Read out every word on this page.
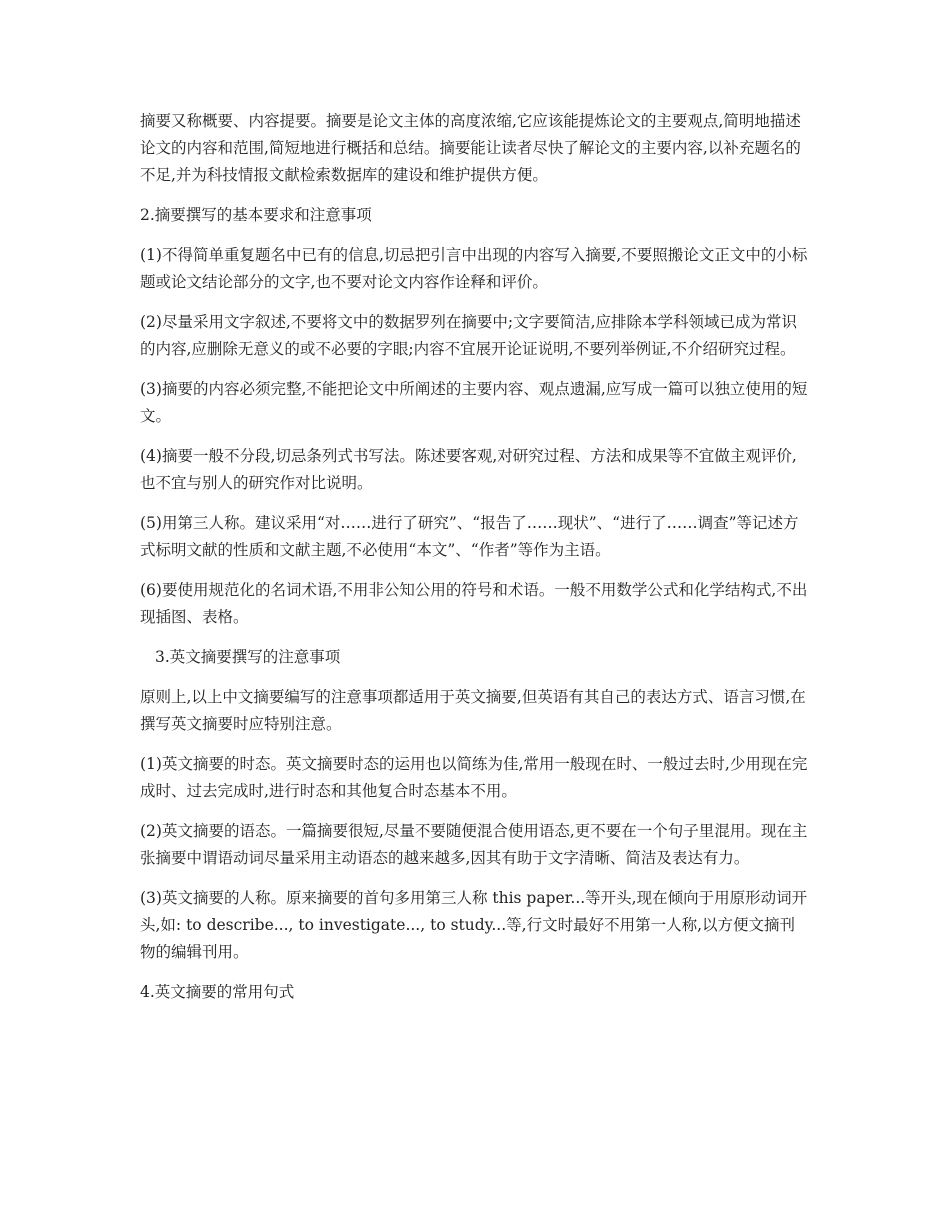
摘要又称概要、内容提要。摘要是论文主体的高度浓缩,它应该能提炼论文的主要观点,简明地描述论文的内容和范围,简短地进行概括和总结。摘要能让读者尽快了解论文的主要内容,以补充题名的不足,并为科技情报文献检索数据库的建设和维护提供方便。

2.摘要撰写的基本要求和注意事项

(1)不得简单重复题名中已有的信息,切忌把引言中出现的内容写入摘要,不要照搬论文正文中的小标题或论文结论部分的文字,也不要对论文内容作诠释和评价。

(2)尽量采用文字叙述,不要将文中的数据罗列在摘要中;文字要简洁,应排除本学科领域已成为常识的内容,应删除无意义的或不必要的字眼;内容不宜展开论证说明,不要列举例证,不介绍研究过程。

(3)摘要的内容必须完整,不能把论文中所阐述的主要内容、观点遗漏,应写成一篇可以独立使用的短文。

(4)摘要一般不分段,切忌条列式书写法。陈述要客观,对研究过程、方法和成果等不宜做主观评价,也不宜与别人的研究作对比说明。

(5)用第三人称。建议采用“对……进行了研究”、“报告了……现状”、“进行了……调查”等记述方式标明文献的性质和文献主题,不必使用“本文”、“作者”等作为主语。

(6)要使用规范化的名词术语,不用非公知公用的符号和术语。一般不用数学公式和化学结构式,不出现插图、表格。

3.英文摘要撰写的注意事项

原则上,以上中文摘要编写的注意事项都适用于英文摘要,但英语有其自己的表达方式、语言习惯,在撰写英文摘要时应特别注意。

(1)英文摘要的时态。英文摘要时态的运用也以简练为佳,常用一般现在时、一般过去时,少用现在完成时、过去完成时,进行时态和其他复合时态基本不用。

(2)英文摘要的语态。一篇摘要很短,尽量不要随便混合使用语态,更不要在一个句子里混用。现在主张摘要中谓语动词尽量采用主动语态的越来越多,因其有助于文字清晰、简洁及表达有力。

(3)英文摘要的人称。原来摘要的首句多用第三人称 this paper...等开头,现在倾向于用原形动词开头,如: to describe..., to investigate..., to study...等,行文时最好不用第一人称,以方便文摘刊物的编辑刊用。

4.英文摘要的常用句式
